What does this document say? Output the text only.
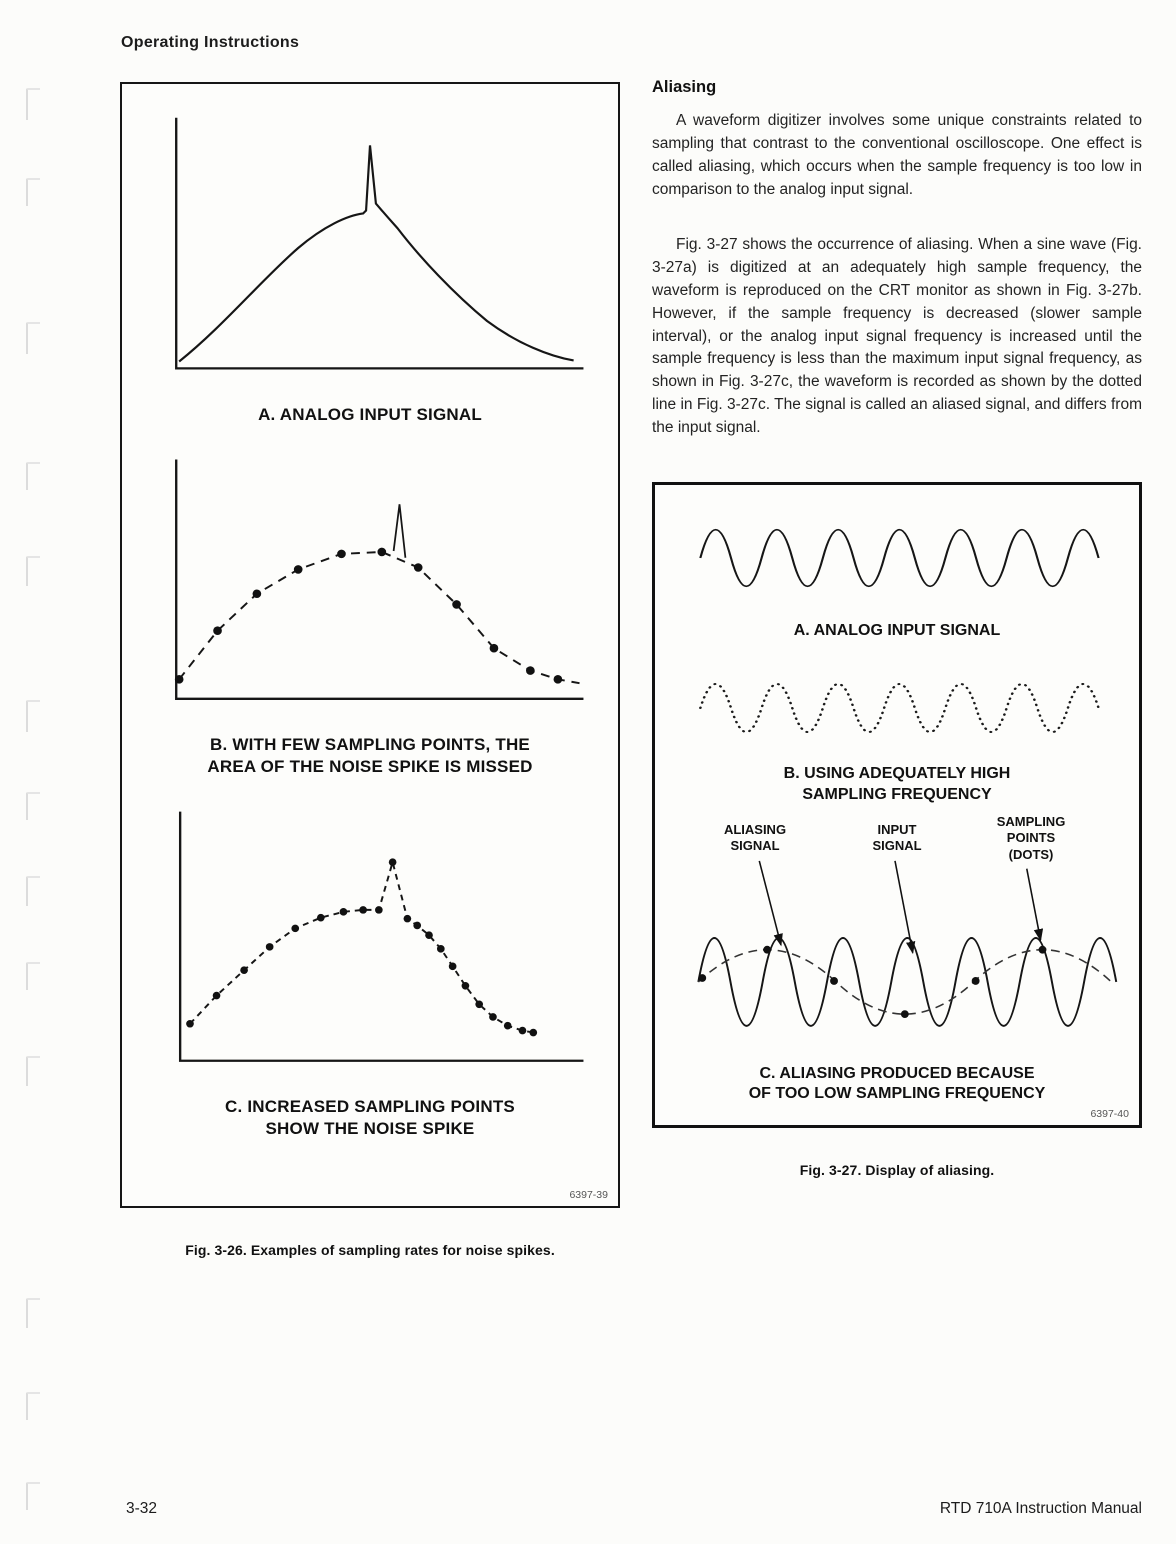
Operating Instructions
A. ANALOG INPUT SIGNAL
B. WITH FEW SAMPLING POINTS, THE
AREA OF THE NOISE SPIKE IS MISSED
C. INCREASED SAMPLING POINTS
SHOW THE NOISE SPIKE
6397-39
Fig. 3-26. Examples of sampling rates for noise spikes.
Aliasing

A waveform digitizer involves some unique constraints related to sampling that contrast to the conventional oscilloscope. One effect is called aliasing, which occurs when the sample frequency is too low in comparison to the analog input signal.

Fig. 3-27 shows the occurrence of aliasing. When a sine wave (Fig. 3-27a) is digitized at an adequately high sample frequency, the waveform is reproduced on the CRT monitor as shown in Fig. 3-27b. However, if the sample frequency is decreased (slower sample interval), or the analog input signal frequency is increased until the sample frequency is less than the maximum input signal frequency, as shown in Fig. 3-27c, the waveform is recorded as shown by the dotted line in Fig. 3-27c. The signal is called an aliased signal, and differs from the input signal.

A. ANALOG INPUT SIGNAL
B. USING ADEQUATELY HIGH
SAMPLING FREQUENCY
ALIASING
SIGNAL
INPUT
SIGNAL
SAMPLING
POINTS
(DOTS)
C. ALIASING PRODUCED BECAUSE
OF TOO LOW SAMPLING FREQUENCY
6397-40
Fig. 3-27. Display of aliasing.
3-32	RTD 710A Instruction Manual
